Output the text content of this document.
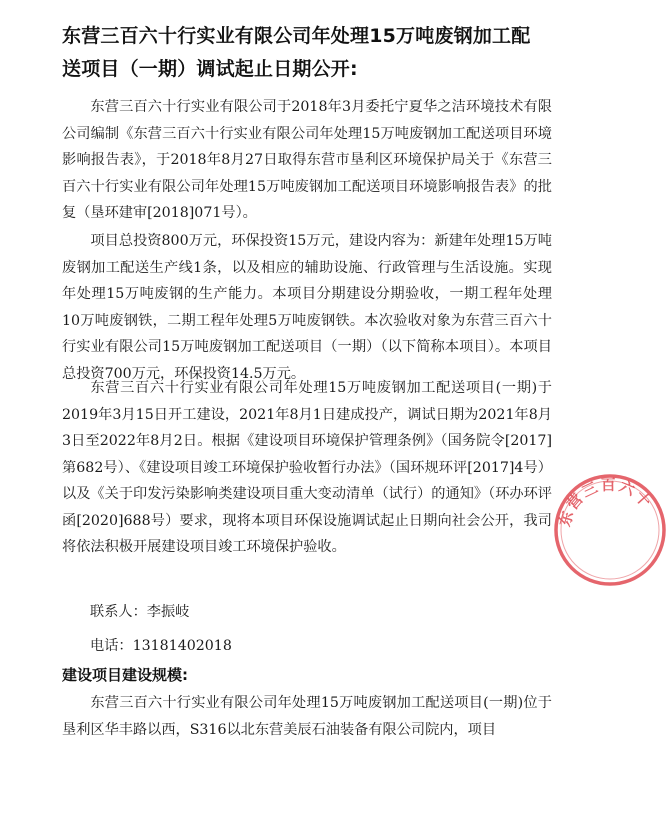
东营三百六十行实业有限公司年处理15万吨废钢加工配送项目（一期）调试起止日期公开:

东营三百六十行实业有限公司于2018年3月委托宁夏华之洁环境技术有限公司编制《东营三百六十行实业有限公司年处理15万吨废钢加工配送项目环境影响报告表》，于2018年8月27日取得东营市垦利区环境保护局关于《东营三百六十行实业有限公司年处理15万吨废钢加工配送项目环境影响报告表》的批复（垦环建审[2018]071号）。

项目总投资800万元，环保投资15万元，建设内容为：新建年处理15万吨废钢加工配送生产线1条，以及相应的辅助设施、行政管理与生活设施。实现年处理15万吨废钢的生产能力。本项目分期建设分期验收，一期工程年处理10万吨废钢铁，二期工程年处理5万吨废钢铁。本次验收对象为东营三百六十行实业有限公司15万吨废钢加工配送项目（一期）（以下简称本项目）。本项目总投资700万元，环保投资14.5万元。

东营三百六十行实业有限公司年处理15万吨废钢加工配送项目(一期)于2019年3月15日开工建设，2021年8月1日建成投产，调试日期为2021年8月3日至2022年8月2日。根据《建设项目环境保护管理条例》（国务院令[2017]第682号）、《建设项目竣工环境保护验收暂行办法》（国环规环评[2017]4号）以及《关于印发污染影响类建设项目重大变动清单（试行）的通知》（环办环评函[2020]688号）要求，现将本项目环保设施调试起止日期向社会公开，我司将依法积极开展建设项目竣工环境保护验收。

联系人：李振岐
电话：13181402018
建设项目建设规模:

东营三百六十行实业有限公司年处理15万吨废钢加工配送项目(一期)位于垦利区华丰路以西，S316以北东营美辰石油装备有限公司院内，项目

东营三百六十
